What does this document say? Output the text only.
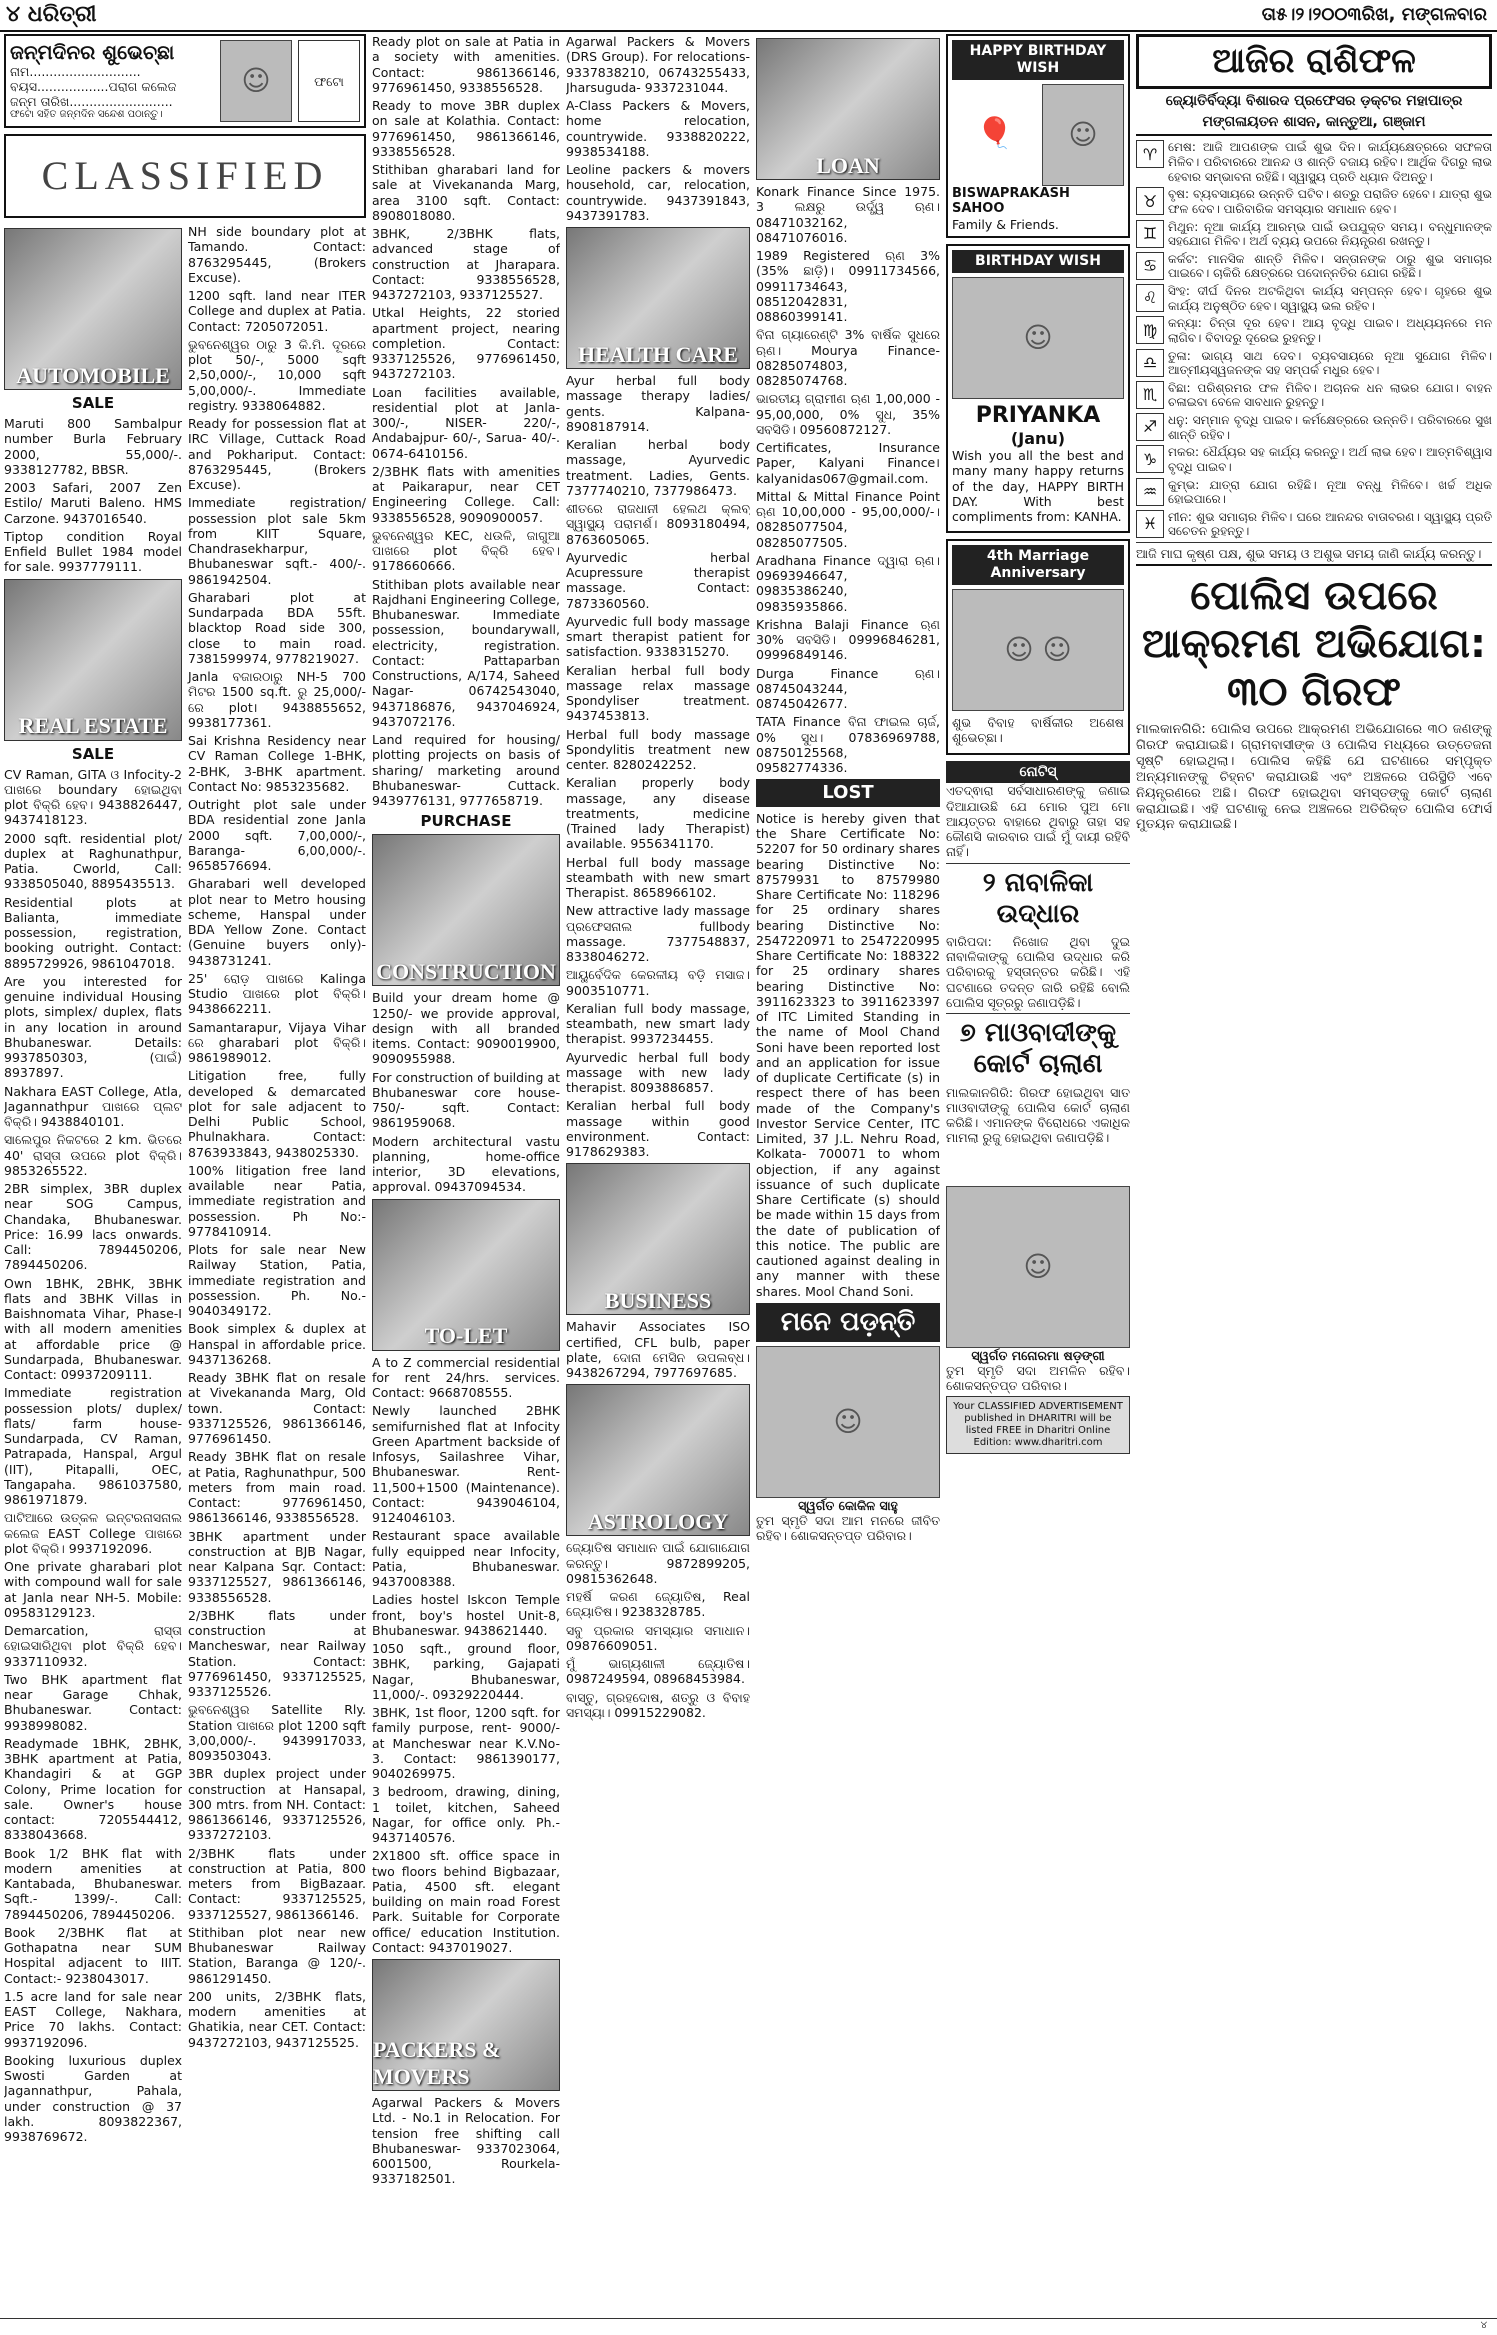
୪ ଧରିତ୍ରୀ	ତା୫।୨।୨୦୦୩ରିଖ, ମଙ୍ଗଳବାର
ଜନ୍ମଦିନର ଶୁଭେଚ୍ଛା
ନାମ............................
ବୟସ..................ପରାଗ କଲେଜ
ଜନ୍ମ ତାରିଖ..........................
ଫଟୋ ସହିତ ଜନ୍ମଦିନ ସନ୍ଦେଶ ପଠାନ୍ତୁ।
☺	ଫଟୋ
CLASSIFIED
AUTOMOBILE
SALE

Maruti 800 Sambalpur number Burla February 2000, 55,000/-. 9338127782, BBSR.

2003 Safari, 2007 Zen Estilo/ Maruti Baleno. HMS Carzone. 9437016540.

Tiptop condition Royal Enfield Bullet 1984 model for sale. 9937779111.

REAL ESTATE
SALE

CV Raman, GITA ଓ Infocity-2 ପାଖରେ boundary ହୋଇଥିବା plot ବିକ୍ରି ହେବ। 9438826447, 9437418123.

2000 sqft. residential plot/ duplex at Raghunathpur, Patia. Cworld, Call: 9338505040, 8895435513.

Residential plots at Balianta, immediate possession, registration, booking outright. Contact: 8895729926, 9861047018.

Are you interested for genuine individual Housing plots, simplex/ duplex, flats in any location in around Bhubaneswar. Details: 9937850303, (ପାଇଁ) 8937897.

Nakhara EAST College, Atla, Jagannathpur ପାଖରେ ପ୍ଲଟ ବିକ୍ରି। 9438840101.

ସାଲେପୁର ନିକଟରେ 2 km. ଭିତରେ 40' ରାସ୍ତା ଉପରେ plot ବିକ୍ରି। 9853265522.

2BR simplex, 3BR duplex near SOG Campus, Chandaka, Bhubaneswar. Price: 16.99 lacs onwards. Call: 7894450206, 7894450206.

Own 1BHK, 2BHK, 3BHK flats and 3BHK Villas in Baishnomata Vihar, Phase-I with all modern amenities at affordable price @ Sundarpada, Bhubaneswar. Contact: 09937209111.

Immediate registration possession plots/ duplex/ flats/ farm house- Sundarpada, CV Raman, Patrapada, Hanspal, Argul (IIT), Pitapalli, OEC, Tangapaha. 9861037580, 9861971879.

ପାଟିଆରେ ଉତ୍କଳ ଇନ୍ଟରନାସନାଲ କଲେଜ EAST College ପାଖରେ plot ବିକ୍ରି। 9937192096.

One private gharabari plot with compound wall for sale at Janla near NH-5. Mobile: 09583129123.

Demarcation, ରାସ୍ତା ହୋଇସାରିଥିବା plot ବିକ୍ରି ହେବ। 9337110932.

Two BHK apartment flat near Garage Chhak, Bhubaneswar. Contact: 9938998082.

Readymade 1BHK, 2BHK, 3BHK apartment at Patia, Khandagiri & at GGP Colony, Prime location for sale. Owner's house contact: 7205544412, 8338043668.

Book 1/2 BHK flat with modern amenities at Kantabada, Bhubaneswar. Sqft.- 1399/-. Call: 7894450206, 7894450206.

Book 2/3BHK flat at Gothapatna near SUM Hospital adjacent to IIIT. Contact:- 9238043017.

1.5 acre land for sale near EAST College, Nakhara, Price 70 lakhs. Contact: 9937192096.

Booking luxurious duplex Swosti Garden at Jagannathpur, Pahala, under construction @ 37 lakh. 8093822367, 9938769672.

NH side boundary plot at Tamando. Contact: 8763295445, (Brokers Excuse).

1200 sqft. land near ITER College and duplex at Patia. Contact: 7205072051.

ଭୁବନେଶ୍ୱର ଠାରୁ 3 କି.ମି. ଦୂରରେ plot 50/-, 5000 sqft 2,50,000/-, 10,000 sqft 5,00,000/-. Immediate registry. 9338064882.

Ready for possession flat at IRC Village, Cuttack Road and Pokhariput. Contact: 8763295445, (Brokers Excuse).

Immediate registration/ possession plot sale 5km from KIIT Square, Chandrasekharpur, Bhubaneswar sqft.- 400/-. 9861942504.

Gharabari plot at Sundarpada BDA 55ft. blacktop Road side 300, close to main road. 7381599974, 9778219027.

Janla ବଜାରଠାରୁ NH-5 700 ମିଟର 1500 sq.ft. ରୁ 25,000/- ରେ plot। 9438855652, 9938177361.

Sai Krishna Residency near CV Raman College 1-BHK, 2-BHK, 3-BHK apartment. Contact No: 9853235682.

Outright plot sale under BDA residential zone Janla 2000 sqft. 7,00,000/-, Baranga- 6,00,000/-. 9658576694.

Gharabari well developed plot near to Metro housing scheme, Hanspal under BDA Yellow Zone. Contact (Genuine buyers only)- 9438731241.

25' ରୋଡ଼ ପାଖରେ Kalinga Studio ପାଖରେ plot ବିକ୍ରି। 9438662211.

Samantarapur, Vijaya Vihar ରେ gharabari plot ବିକ୍ରି। 9861989012.

Litigation free, fully developed & demarcated plot for sale adjacent to Delhi Public School, Phulnakhara. Contact: 8763933843, 9438025330.

100% litigation free land available near Patia, immediate registration and possession. Ph No:- 9778410914.

Plots for sale near New Railway Station, Patia, immediate registration and possession. Ph. No.- 9040349172.

Book simplex & duplex at Hanspal in affordable price. 9437136268.

Ready 3BHK flat on resale at Vivekananda Marg, Old town. Contact: 9337125526, 9861366146, 9776961450.

Ready 3BHK flat on resale at Patia, Raghunathpur, 500 meters from main road. Contact: 9776961450, 9861366146, 9338556528.

3BHK apartment under construction at BJB Nagar, near Kalpana Sqr. Contact: 9337125527, 9861366146, 9338556528.

2/3BHK flats under construction at Mancheswar, near Railway Station. Contact: 9776961450, 9337125525, 9337125526.

ଭୁବନେଶ୍ୱର Satellite Rly. Station ପାଖରେ plot 1200 sqft 3,00,000/-. 9439917033, 8093503043.

3BR duplex project under construction at Hansapal, 300 mtrs. from NH. Contact: 9861366146, 9337125526, 9337272103.

2/3BHK flats under construction at Patia, 800 meters from BigBazaar. Contact: 9337125525, 9337125527, 9861366146.

Stithiban plot near new Bhubaneswar Railway Station, Baranga @ 120/-. 9861291450.

200 units, 2/3BHK flats, modern amenities at Ghatikia, near CET. Contact: 9437272103, 9437125525.

Ready plot on sale at Patia in a society with amenities. Contact: 9861366146, 9776961450, 9338556528.

Ready to move 3BR duplex on sale at Kolathia. Contact: 9776961450, 9861366146, 9338556528.

Stithiban gharabari land for sale at Vivekananda Marg, area 3100 sqft. Contact: 8908018080.

3BHK, 2/3BHK flats, advanced stage of construction at Jharapara. Contact: 9338556528, 9437272103, 9337125527.

Utkal Heights, 22 storied apartment project, nearing completion. Contact: 9337125526, 9776961450, 9437272103.

Loan facilities available, residential plot at Janla- 300/-, NISER- 220/-, Andabajpur- 60/-, Sarua- 40/-. 0674-6410156.

2/3BHK flats with amenities at Paikarapur, near CET Engineering College. Call: 9338556528, 9090900057.

ଭୁବନେଶ୍ୱର KEC, ଧଉଳି, ଜାଗୁଆ ପାଖରେ plot ବିକ୍ରି ହେବ। 9178660666.

Stithiban plots available near Rajdhani Engineering College, Bhubaneswar. Immediate possession, boundarywall, electricity, registration. Contact: Pattaparban Constructions, A/174, Saheed Nagar- 06742543040, 9437186876, 9437046924, 9437072176.

Land required for housing/ plotting projects on basis of sharing/ marketing around Bhubaneswar- Cuttack. 9439776131, 9777658719.

PURCHASE
CONSTRUCTION

Build your dream home @ 1250/- we provide approval, design with all branded items. Contact: 9090019900, 9090955988.

For construction of building at Bhubaneswar core house- 750/- sqft. Contact: 9861959068.

Modern architectural vastu planning, home-office interior, 3D elevations, approval. 09437094534.

TO-LET

A to Z commercial residential for rent 24/hrs. services. Contact: 9668708555.

Newly launched 2BHK semifurnished flat at Infocity Green Apartment backside of Infosys, Sailashree Vihar, Bhubaneswar. Rent- 11,500+1500 (Maintenance). Contact: 9439046104, 9124046103.

Restaurant space available fully equipped near Infocity, Patia, Bhubaneswar. 9437008388.

Ladies hostel Iskcon Temple front, boy's hostel Unit-8, Bhubaneswar. 9438621440.

1050 sqft., ground floor, 3BHK, parking, Gajapati Nagar, Bhubaneswar, 11,000/-. 09329220444.

3BHK, 1st floor, 1200 sqft. for family purpose, rent- 9000/- at Mancheswar near K.V.No-3. Contact: 9861390177, 9040269975.

3 bedroom, drawing, dining, 1 toilet, kitchen, Saheed Nagar, for office only. Ph.- 9437140576.

2X1800 sft. office space in two floors behind Bigbazaar, Patia, 4500 sft. elegant building on main road Forest Park. Suitable for Corporate office/ education Institution. Contact: 9437019027.

PACKERS & MOVERS

Agarwal Packers & Movers Ltd. - No.1 in Relocation. For tension free shifting call Bhubaneswar- 9337023064, 6001500, Rourkela- 9337182501.

Agarwal Packers & Movers (DRS Group). For relocations- 9337838210, 06743255433, Jharsuguda- 9337231044.

A-Class Packers & Movers, home relocation, countrywide. 9338820222, 9938534188.

Leoline packers & movers household, car, relocation, countrywide. 9437391843, 9437391783.

HEALTH CARE

Ayur herbal full body massage therapy ladies/ gents. Kalpana- 8908187914.

Keralian herbal body massage, Ayurvedic treatment. Ladies, Gents. 7377740210, 7377986473.

ଶୀତରେ ରାଜଧାନୀ ହେଲଥ କ୍ଲବ୍ ସ୍ୱାସ୍ଥ୍ୟ ପରାମର୍ଶ। 8093180494, 8763605065.

Ayurvedic herbal Acupressure therapist massage. Contact: 7873360560.

Ayurvedic full body massage smart therapist patient for satisfaction. 9338315270.

Keralian herbal full body massage relax massage Spondyliser treatment. 9437453813.

Herbal full body massage Spondylitis treatment new center. 8280242252.

Keralian properly body massage, any disease treatments, medicine (Trained lady Therapist) available. 9556341170.

Herbal full body massage steambath with new smart Therapist. 8658966102.

New attractive lady massage ପ୍ରଫେସନାଲ fullbody massage. 7377548837, 8338046272.

ଆୟୁର୍ବେଦିକ କେରଳୀୟ ବଡ଼ି ମସାଜ। 9003510771.

Keralian full body massage, steambath, new smart lady therapist. 9937234455.

Ayurvedic herbal full body massage with new lady therapist. 8093886857.

Keralian herbal full body massage within good environment. Contact: 9178629383.

BUSINESS

Mahavir Associates ISO certified, CFL bulb, paper plate, ଦୋନା ମେସିନ ଉପଲବ୍ଧ। 9438267294, 7977697685.

ASTROLOGY

ଜ୍ୟୋତିଷ ସମାଧାନ ପାଇଁ ଯୋଗାଯୋଗ କରନ୍ତୁ। 9872899205, 09815362648.

ମହର୍ଷି କରଣ ଜ୍ୟୋତିଷ, Real ଜ୍ୟୋତିଷ। 9238328785.

ସବୁ ପ୍ରକାର ସମସ୍ୟାର ସମାଧାନ। 09876609051.

ମୁଁ ଭାଗ୍ୟଶାଳୀ ଜ୍ୟୋତିଷ। 0987249594, 08968453984.

ବାସ୍ତୁ, ଗ୍ରହଦୋଷ, ଶତ୍ରୁ ଓ ବିବାହ ସମସ୍ୟା। 09915229082.

LOAN

Konark Finance Since 1975. 3 ଲକ୍ଷରୁ ଉର୍ଦ୍ଧ୍ୱ ଋଣ। 08471032162, 08471076016.

1989 Registered ଋଣ 3% (35% ଛାଡ଼ି)। 09911734566, 09911734643, 08512042831, 08860399141.

ବିନା ଗ୍ୟାରେଣ୍ଟି 3% ବାର୍ଷିକ ସୁଧରେ ଋଣ। Mourya Finance- 08285074803, 08285074768.

ଭାରତୀୟ ଗ୍ରାମୀଣ ଋଣ 1,00,000 - 95,00,000, 0% ସୁଧ, 35% ସବସିଡି। 09560872127.

Certificates, Insurance Paper, Kalyani Finance। kalyanidas067@gmail.com.

Mittal & Mittal Finance Point ଋଣ 10,00,000 - 95,00,000/-। 08285077504, 08285077505.

Aradhana Finance ଦ୍ୱାରା ଋଣ। 09693946647, 09835386240, 09835935866.

Krishna Balaji Finance ଋଣ 30% ସବସିଡି। 09996846281, 09996849146.

Durga Finance ଋଣ। 08745043244, 08745042677.

TATA Finance ବିନା ଫାଇଲ ଚାର୍ଜ, 0% ସୁଧ। 07836969788, 08750125568, 09582774336.

LOST

Notice is hereby given that the Share Certificate No: 52207 for 50 ordinary shares bearing Distinctive No: 87579931 to 87579980 Share Certificate No: 118296 for 25 ordinary shares bearing Distinctive No: 2547220971 to 2547220995 Share Certificate No: 188322 for 25 ordinary shares bearing Distinctive No: 3911623323 to 3911623397 of ITC Limited Standing in the name of Mool Chand Soni have been reported lost and an application for issue of duplicate Certificate (s) in respect there of has been made of the Company's Investor Service Center, ITC Limited, 37 J.L. Nehru Road, Kolkata- 700071 to whom objection, if any against issuance of such duplicate Share Certificate (s) should be made within 15 days from the date of publication of this notice. The public are cautioned against dealing in any manner with these shares. Mool Chand Soni.

ମନେ ପଡ଼ନ୍ତି
☺
ସ୍ୱର୍ଗତ କୋକିଳ ସାହୁ

ତୁମ ସ୍ମୃତି ସଦା ଆମ ମନରେ ଜୀବିତ ରହିବ। ଶୋକସନ୍ତପ୍ତ ପରିବାର।

HAPPY BIRTHDAY WISH
🎈	☺
BISWAPRAKASH SAHOO
Family & Friends.
BIRTHDAY WISH
☺
PRIYANKA
(Janu)

Wish you all the best and many many happy returns of the day, HAPPY BIRTH DAY. With best compliments from: KANHA.

4th Marriage Anniversary
☺ ☺

ଶୁଭ ବିବାହ ବାର୍ଷିକୀର ଅଶେଷ ଶୁଭେଚ୍ଛା।

ନୋଟିସ୍

ଏତଦ୍ଵାରା ସର୍ବସାଧାରଣଙ୍କୁ ଜଣାଇ ଦିଆଯାଉଛି ଯେ ମୋର ପୁଅ ମୋ ଆୟତ୍ତର ବାହାରେ ଥିବାରୁ ତାହା ସହ କୌଣସି କାରବାର ପାଇଁ ମୁଁ ଦାୟୀ ରହିବି ନାହିଁ।

୨ ନାବାଳିକା ଉଦ୍ଧାର

ବାରିପଦା: ନିଖୋଜ ଥିବା ଦୁଇ ନାବାଳିକାଙ୍କୁ ପୋଲିସ ଉଦ୍ଧାର କରି ପରିବାରକୁ ହସ୍ତାନ୍ତର କରିଛି। ଏହି ଘଟଣାରେ ତଦନ୍ତ ଜାରି ରହିଛି ବୋଲି ପୋଲିସ ସୂତ୍ରରୁ ଜଣାପଡ଼ିଛି।

୭ ମାଓବାଦୀଙ୍କୁ କୋର୍ଟ ଚାଲାଣ

ମାଲକାନଗିରି: ଗିରଫ ହୋଇଥିବା ସାତ ମାଓବାଦୀଙ୍କୁ ପୋଲିସ କୋର୍ଟ ଚାଲାଣ କରିଛି। ଏମାନଙ୍କ ବିରୋଧରେ ଏକାଧିକ ମାମଲା ରୁଜୁ ହୋଇଥିବା ଜଣାପଡ଼ିଛି।

☺
ସ୍ୱର୍ଗତ ମନୋରମା ଷଡ଼ଙ୍ଗୀ

ତୁମ ସ୍ମୃତି ସଦା ଅମଳିନ ରହିବ। ଶୋକସନ୍ତପ୍ତ ପରିବାର।

Your CLASSIFIED ADVERTISEMENT published in DHARITRI will be listed FREE in Dharitri Online Edition: www.dharitri.com
ଆଜିର ରାଶିଫଳ
ଜ୍ୟୋତିର୍ବିଦ୍ୟା ବିଶାରଦ ପ୍ରଫେସର ଡ଼କ୍ଟର ମହାପାତ୍ର
ମଙ୍ଗଳାୟତନ ଶାସନ, କାନ୍ତୁଆ, ଗଞ୍ଜାମ
♈ ମେଷ: ଆଜି ଆପଣଙ୍କ ପାଇଁ ଶୁଭ ଦିନ। କାର୍ଯ୍ୟକ୍ଷେତ୍ରରେ ସଫଳତା ମିଳିବ। ପରିବାରରେ ଆନନ୍ଦ ଓ ଶାନ୍ତି ବଜାୟ ରହିବ। ଆର୍ଥିକ ଦିଗରୁ ଲାଭ ହେବାର ସମ୍ଭାବନା ରହିଛି। ସ୍ୱାସ୍ଥ୍ୟ ପ୍ରତି ଧ୍ୟାନ ଦିଅନ୍ତୁ।
♉ ବୃଷ: ବ୍ୟବସାୟରେ ଉନ୍ନତି ଘଟିବ। ଶତ୍ରୁ ପରାଜିତ ହେବେ। ଯାତ୍ରା ଶୁଭ ଫଳ ଦେବ। ପାରିବାରିକ ସମସ୍ୟାର ସମାଧାନ ହେବ।
♊ ମିଥୁନ: ନୂଆ କାର୍ଯ୍ୟ ଆରମ୍ଭ ପାଇଁ ଉପଯୁକ୍ତ ସମୟ। ବନ୍ଧୁମାନଙ୍କ ସହଯୋଗ ମିଳିବ। ଅର୍ଥ ବ୍ୟୟ ଉପରେ ନିୟନ୍ତ୍ରଣ ରଖନ୍ତୁ।
♋ କର୍କଟ: ମାନସିକ ଶାନ୍ତି ମିଳିବ। ସନ୍ତାନଙ୍କ ଠାରୁ ଶୁଭ ସମାଚାର ପାଇବେ। ଚାକିରି କ୍ଷେତ୍ରରେ ପଦୋନ୍ନତିର ଯୋଗ ରହିଛି।
♌ ସିଂହ: ଦୀର୍ଘ ଦିନର ଅଟକିଥିବା କାର୍ଯ୍ୟ ସମ୍ପନ୍ନ ହେବ। ଗୃହରେ ଶୁଭ କାର୍ଯ୍ୟ ଅନୁଷ୍ଠିତ ହେବ। ସ୍ୱାସ୍ଥ୍ୟ ଭଲ ରହିବ।
♍ କନ୍ୟା: ଚିନ୍ତା ଦୂର ହେବ। ଆୟ ବୃଦ୍ଧି ପାଇବ। ଅଧ୍ୟୟନରେ ମନ ଲାଗିବ। ବିବାଦରୁ ଦୂରେଇ ରୁହନ୍ତୁ।
♎ ତୁଳା: ଭାଗ୍ୟ ସାଥ ଦେବ। ବ୍ୟବସାୟରେ ନୂଆ ସୁଯୋଗ ମିଳିବ। ଆତ୍ମୀୟସ୍ୱଜନଙ୍କ ସହ ସମ୍ପର୍କ ମଧୁର ହେବ।
♏ ବିଛା: ପରିଶ୍ରମର ଫଳ ମିଳିବ। ଅଚାନକ ଧନ ଲାଭର ଯୋଗ। ବାହନ ଚଳାଇବା ବେଳେ ସାବଧାନ ରୁହନ୍ତୁ।
♐ ଧନୁ: ସମ୍ମାନ ବୃଦ୍ଧି ପାଇବ। କର୍ମକ୍ଷେତ୍ରରେ ଉନ୍ନତି। ପରିବାରରେ ସୁଖ ଶାନ୍ତି ରହିବ।
♑ ମକର: ଧୈର୍ଯ୍ୟର ସହ କାର୍ଯ୍ୟ କରନ୍ତୁ। ଅର୍ଥ ଲାଭ ହେବ। ଆତ୍ମବିଶ୍ୱାସ ବୃଦ୍ଧି ପାଇବ।
♒ କୁମ୍ଭ: ଯାତ୍ରା ଯୋଗ ରହିଛି। ନୂଆ ବନ୍ଧୁ ମିଳିବେ। ଖର୍ଚ୍ଚ ଅଧିକ ହୋଇପାରେ।
♓ ମୀନ: ଶୁଭ ସମାଚାର ମିଳିବ। ଘରେ ଆନନ୍ଦର ବାତାବରଣ। ସ୍ୱାସ୍ଥ୍ୟ ପ୍ରତି ସଚେତନ ରୁହନ୍ତୁ।

ଆଜି ମାଘ କୃଷ୍ଣ ପକ୍ଷ, ଶୁଭ ସମୟ ଓ ଅଶୁଭ ସମୟ ଜାଣି କାର୍ଯ୍ୟ କରନ୍ତୁ।

ପୋଲିସ ଉପରେ ଆକ୍ରମଣ ଅଭିଯୋଗ: ୩୦ ଗିରଫ

ମାଲକାନଗିରି: ପୋଲିସ ଉପରେ ଆକ୍ରମଣ ଅଭିଯୋଗରେ ୩୦ ଜଣଙ୍କୁ ଗିରଫ କରାଯାଇଛି। ଗ୍ରାମବାସୀଙ୍କ ଓ ପୋଲିସ ମଧ୍ୟରେ ଉତ୍ତେଜନା ସୃଷ୍ଟି ହୋଇଥିଲା। ପୋଲିସ କହିଛି ଯେ ଘଟଣାରେ ସମ୍ପୃକ୍ତ ଅନ୍ୟମାନଙ୍କୁ ଚିହ୍ନଟ କରାଯାଉଛି ଏବଂ ଅଞ୍ଚଳରେ ପରିସ୍ଥିତି ଏବେ ନିୟନ୍ତ୍ରଣରେ ଅଛି। ଗିରଫ ହୋଇଥିବା ସମସ୍ତଙ୍କୁ କୋର୍ଟ ଚାଲାଣ କରାଯାଇଛି। ଏହି ଘଟଣାକୁ ନେଇ ଅଞ୍ଚଳରେ ଅତିରିକ୍ତ ପୋଲିସ ଫୋର୍ସ ମୁତୟନ କରାଯାଇଛି।

୪
